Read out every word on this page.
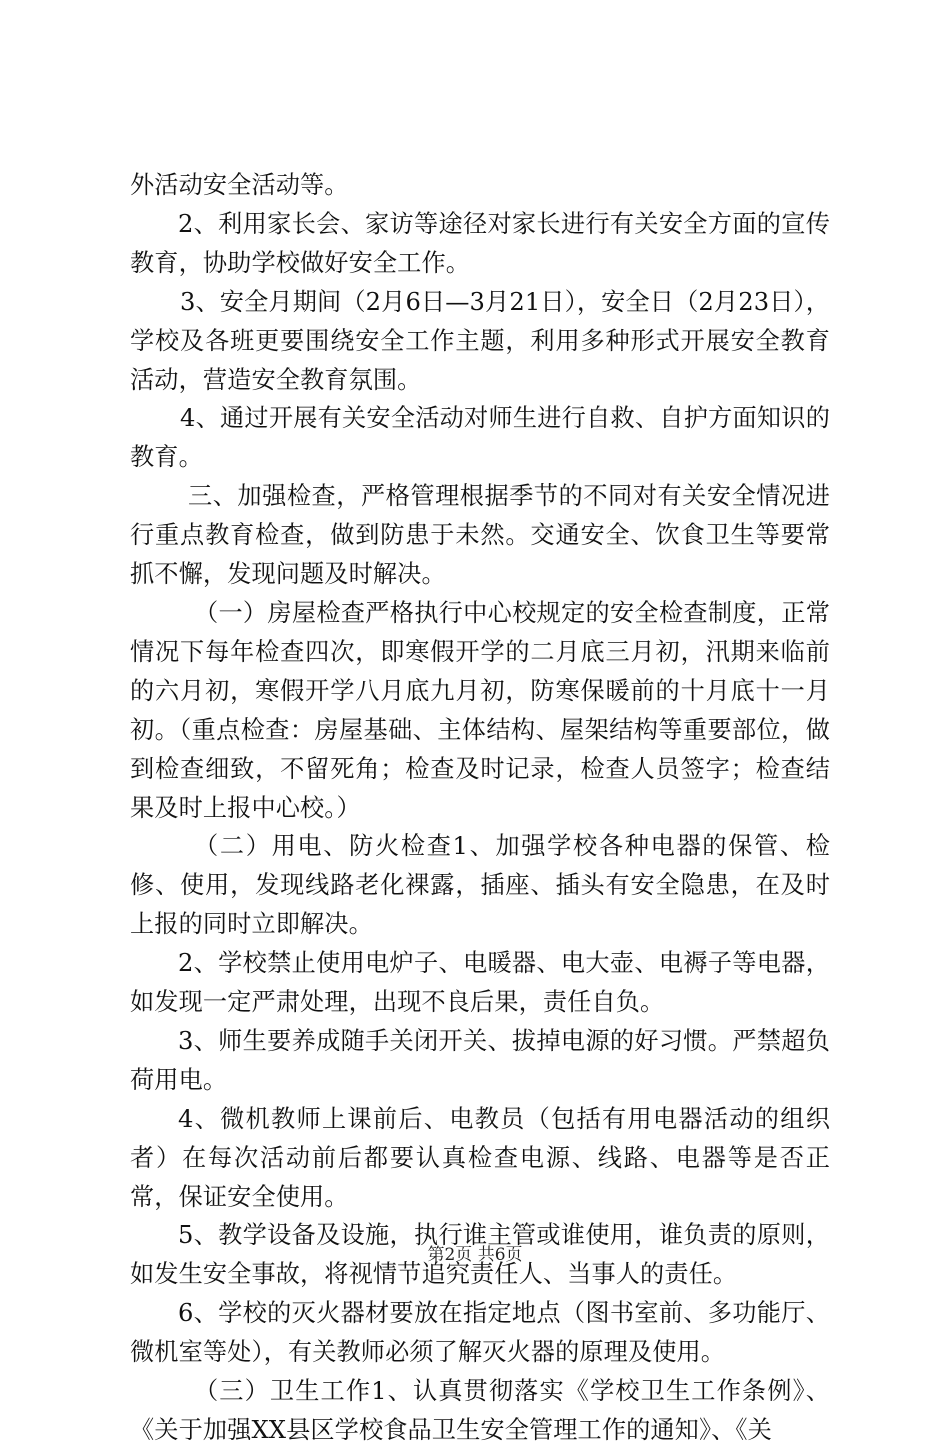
外活动安全活动等。

2、利用家长会、家访等途径对家长进行有关安全方面的宣传教育，协助学校做好安全工作。

3、安全月期间（2月6日—3月21日），安全日（2月23日），学校及各班更要围绕安全工作主题，利用多种形式开展安全教育活动，营造安全教育氛围。

4、通过开展有关安全活动对师生进行自救、自护方面知识的教育。

三、加强检查，严格管理根据季节的不同对有关安全情况进行重点教育检查，做到防患于未然。交通安全、饮食卫生等要常抓不懈，发现问题及时解决。

（一）房屋检查严格执行中心校规定的安全检查制度，正常情况下每年检查四次，即寒假开学的二月底三月初，汛期来临前的六月初，寒假开学八月底九月初，防寒保暖前的十月底十一月初。（重点检查：房屋基础、主体结构、屋架结构等重要部位，做到检查细致，不留死角；检查及时记录，检查人员签字；检查结果及时上报中心校。）

（二）用电、防火检查1、加强学校各种电器的保管、检修、使用，发现线路老化裸露，插座、插头有安全隐患，在及时上报的同时立即解决。

2、学校禁止使用电炉子、电暖器、电大壶、电褥子等电器，如发现一定严肃处理，出现不良后果，责任自负。

3、师生要养成随手关闭开关、拔掉电源的好习惯。严禁超负荷用电。

4、微机教师上课前后、电教员（包括有用电器活动的组织者）在每次活动前后都要认真检查电源、线路、电器等是否正常，保证安全使用。

5、教学设备及设施，执行谁主管或谁使用，谁负责的原则，如发生安全事故，将视情节追究责任人、当事人的责任。

6、学校的灭火器材要放在指定地点（图书室前、多功能厅、微机室等处），有关教师必须了解灭火器的原理及使用。

（三）卫生工作1、认真贯彻落实《学校卫生工作条例》、《关于加强XX县区学校食品卫生安全管理工作的通知》、《关

第2页 共6页
